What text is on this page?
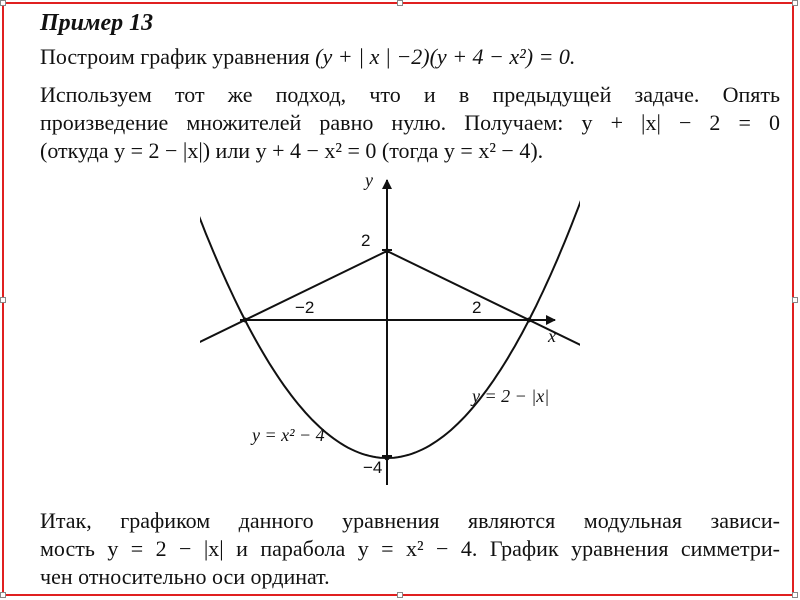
Пример 13
Построим график уравнения (y + | x | −2)(y + 4 − x²) = 0.
Используем тот же подход, что и в предыдущей задаче. Опять
произведение множителей равно нулю. Получаем: y + |x| − 2 = 0
(откуда y = 2 − |x|) или y + 4 − x² = 0 (тогда y = x² − 4).
y
x
2
−2	2
−4
y = 2 − |x|
y = x² − 4
Итак, графиком данного уравнения являются модульная зависи-
мость y = 2 − |x| и парабола y = x² − 4. График уравнения симметри-
чен относительно оси ординат.
